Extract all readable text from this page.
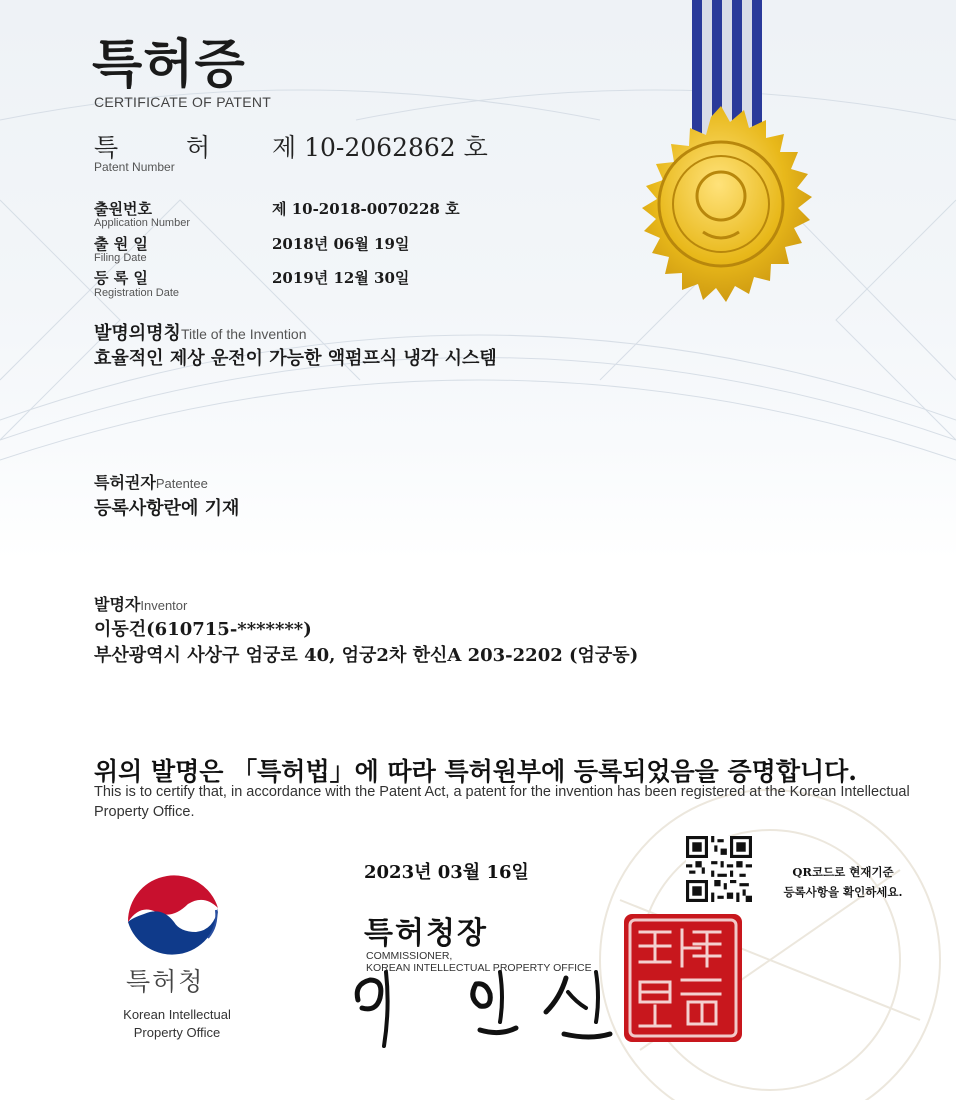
특허증
CERTIFICATE OF PATENT
특	허
Patent Number
제 10-2062862 호
출원번호
Application Number
제 10-2018-0070228 호
출 원 일
Filing Date
2018년 06월 19일
등 록 일
Registration Date
2019년 12월 30일
발명의명칭Title of the Invention
효율적인 제상 운전이 가능한 액펌프식 냉각 시스템
특허권자Patentee
등록사항란에 기재
발명자Inventor
이동건(610715-*******)
부산광역시 사상구 엄궁로 40, 엄궁2차 한신A 203-2202 (엄궁동)
위의 발명은 「특허법」에 따라 특허원부에 등록되었음을 증명합니다.
This is to certify that, in accordance with the Patent Act, a patent for the invention has been registered at the Korean Intellectual Property Office.
특허청
Korean Intellectual
Property Office
2023년 03월 16일
특허청장
COMMISSIONER,
KOREAN INTELLECTUAL PROPERTY OFFICE
QR코드로 현재기준
등록사항을 확인하세요.
